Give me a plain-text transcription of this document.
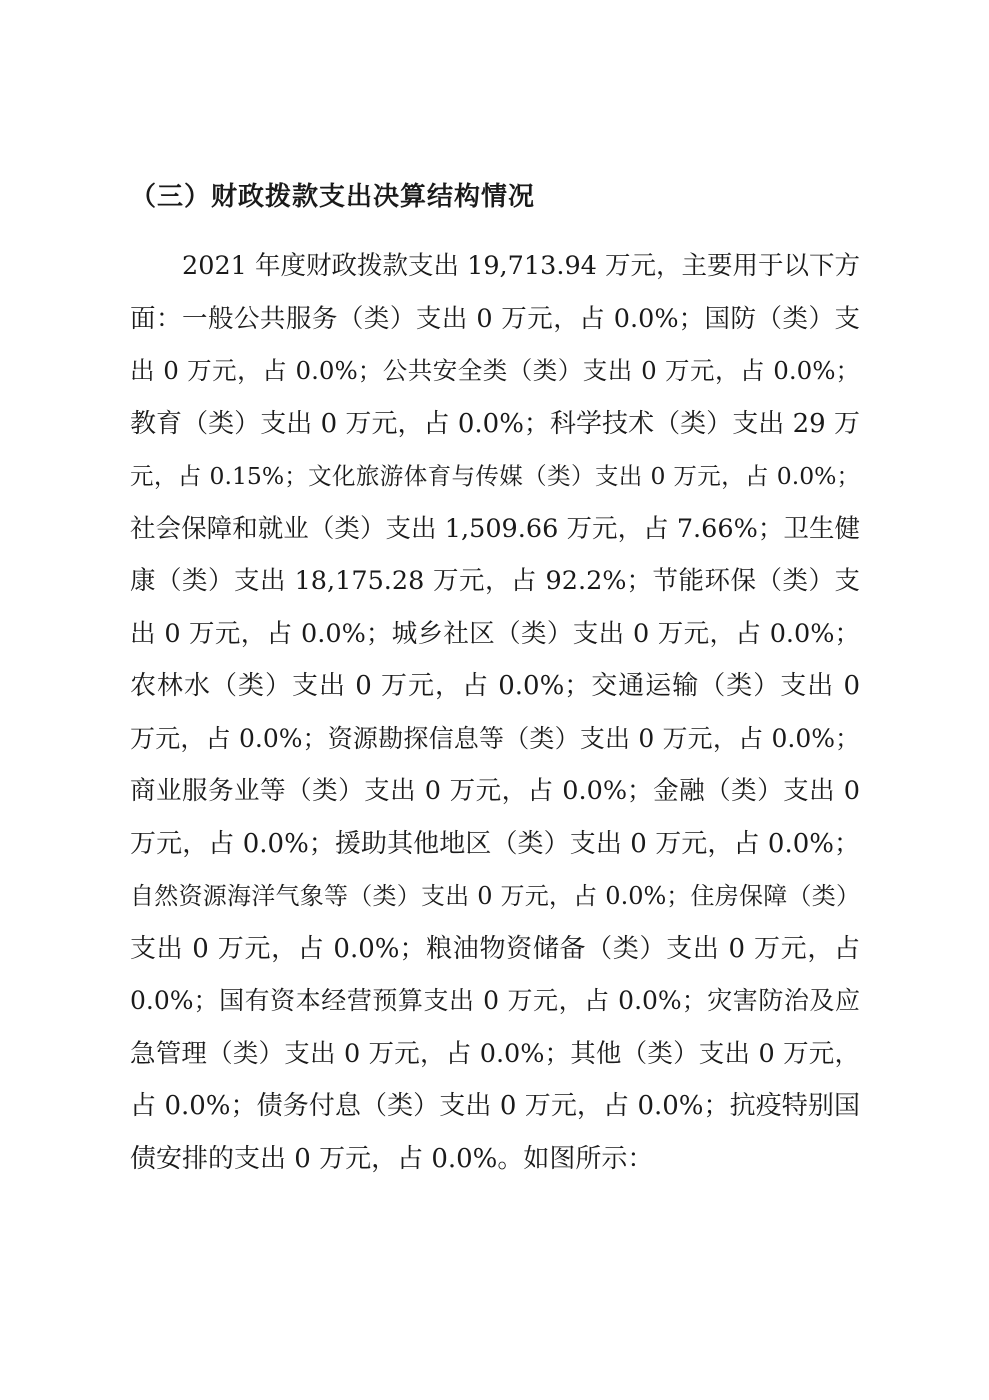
（三）财政拨款支出决算结构情况
2021 年度财政拨款支出 19,713.94 万元，主要用于以下方
面：一般公共服务（类）支出 0 万元，占 0.0%；国防（类）支
出 0 万元，占 0.0%；公共安全类（类）支出 0 万元，占 0.0%；
教育（类）支出 0 万元，占 0.0%；科学技术（类）支出 29 万
元，占 0.15%；文化旅游体育与传媒（类）支出 0 万元，占 0.0%；
社会保障和就业（类）支出 1,509.66 万元，占 7.66%；卫生健
康（类）支出 18,175.28 万元，占 92.2%；节能环保（类）支
出 0 万元，占 0.0%；城乡社区（类）支出 0 万元，占 0.0%；
农林水（类）支出 0 万元，占 0.0%；交通运输（类）支出 0
万元，占 0.0%；资源勘探信息等（类）支出 0 万元，占 0.0%；
商业服务业等（类）支出 0 万元，占 0.0%；金融（类）支出 0
万元，占 0.0%；援助其他地区（类）支出 0 万元，占 0.0%；
自然资源海洋气象等（类）支出 0 万元，占 0.0%；住房保障（类）
支出 0 万元，占 0.0%；粮油物资储备（类）支出 0 万元，占
0.0%；国有资本经营预算支出 0 万元，占 0.0%；灾害防治及应
急管理（类）支出 0 万元，占 0.0%；其他（类）支出 0 万元，
占 0.0%；债务付息（类）支出 0 万元，占 0.0%；抗疫特别国
债安排的支出 0 万元，占 0.0%。如图所示：
